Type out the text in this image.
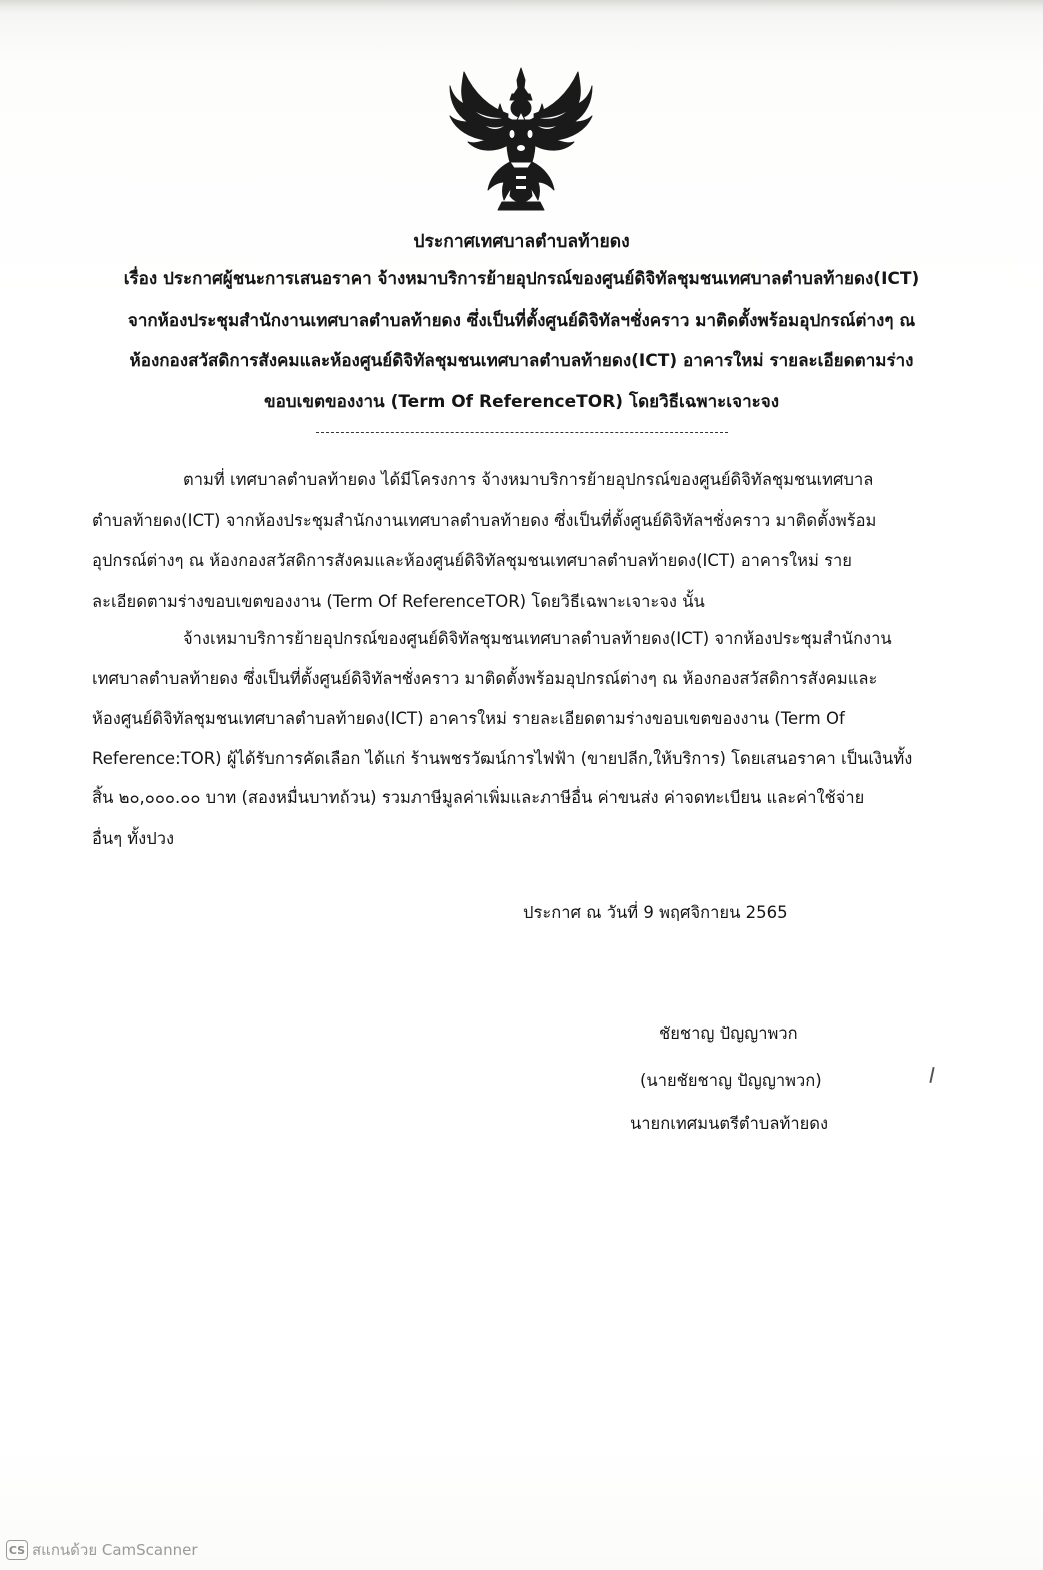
ประกาศเทศบาลตำบลท้ายดง
เรื่อง ประกาศผู้ชนะการเสนอราคา จ้างหมาบริการย้ายอุปกรณ์ของศูนย์ดิจิทัลชุมชนเทศบาลตำบลท้ายดง(ICT)
จากห้องประชุมสำนักงานเทศบาลตำบลท้ายดง ซึ่งเป็นที่ตั้งศูนย์ดิจิทัลฯชั่งคราว มาติดตั้งพร้อมอุปกรณ์ต่างๆ ณ
ห้องกองสวัสดิการสังคมและห้องศูนย์ดิจิทัลชุมชนเทศบาลตำบลท้ายดง(ICT) อาคารใหม่ รายละเอียดตามร่าง
ขอบเขตของงาน (Term Of ReferenceTOR) โดยวิธีเฉพาะเจาะจง
ตามที่ เทศบาลตำบลท้ายดง ได้มีโครงการ จ้างหมาบริการย้ายอุปกรณ์ของศูนย์ดิจิทัลชุมชนเทศบาล
ตำบลท้ายดง(ICT) จากห้องประชุมสำนักงานเทศบาลตำบลท้ายดง ซึ่งเป็นที่ตั้งศูนย์ดิจิทัลฯชั่งคราว มาติดตั้งพร้อม
อุปกรณ์ต่างๆ ณ ห้องกองสวัสดิการสังคมและห้องศูนย์ดิจิทัลชุมชนเทศบาลตำบลท้ายดง(ICT) อาคารใหม่ ราย
ละเอียดตามร่างขอบเขตของงาน (Term Of ReferenceTOR) โดยวิธีเฉพาะเจาะจง นั้น
จ้างเหมาบริการย้ายอุปกรณ์ของศูนย์ดิจิทัลชุมชนเทศบาลตำบลท้ายดง(ICT) จากห้องประชุมสำนักงาน
เทศบาลตำบลท้ายดง ซึ่งเป็นที่ตั้งศูนย์ดิจิทัลฯชั่งคราว มาติดตั้งพร้อมอุปกรณ์ต่างๆ ณ ห้องกองสวัสดิการสังคมและ
ห้องศูนย์ดิจิทัลชุมชนเทศบาลตำบลท้ายดง(ICT) อาคารใหม่ รายละเอียดตามร่างขอบเขตของงาน (Term Of
Reference:TOR) ผู้ได้รับการคัดเลือก ได้แก่ ร้านพชรวัฒน์การไฟฟ้า (ขายปลีก,ให้บริการ) โดยเสนอราคา เป็นเงินทั้ง
สิ้น ๒๐,๐๐๐.๐๐ บาท (สองหมื่นบาทถ้วน) รวมภาษีมูลค่าเพิ่มและภาษีอื่น ค่าขนส่ง ค่าจดทะเบียน และค่าใช้จ่าย
อื่นๆ ทั้งปวง
ประกาศ ณ วันที่ 9 พฤศจิกายน 2565
ชัยชาญ ปัญญาพวก
(นายชัยชาญ ปัญญาพวก)
นายกเทศมนตรีตำบลท้ายดง
CS สแกนด้วย CamScanner
